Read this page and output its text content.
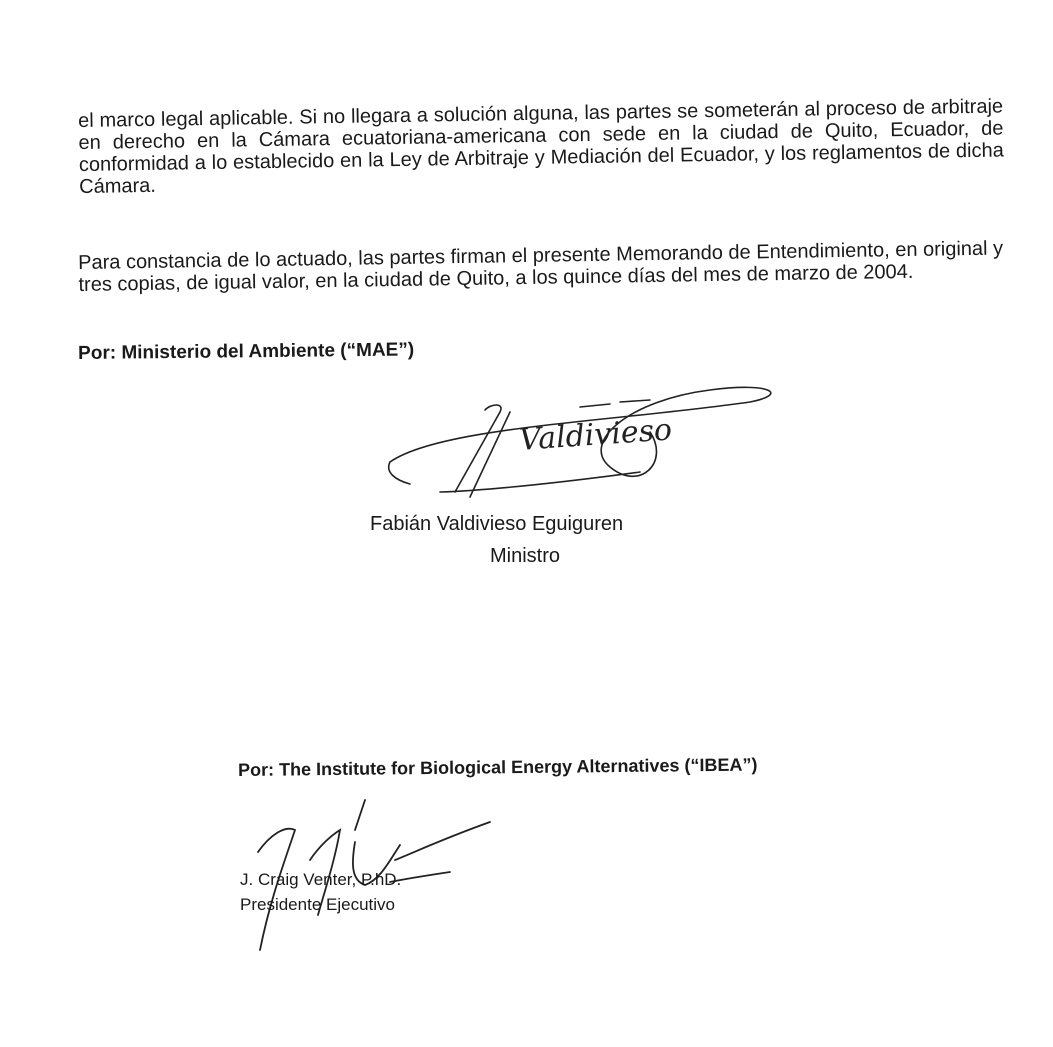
el marco legal aplicable. Si no llegara a solución alguna, las partes se someterán al proceso de arbitraje en derecho en la Cámara ecuatoriana-americana con sede en la ciudad de Quito, Ecuador, de conformidad a lo establecido en la Ley de Arbitraje y Mediación del Ecuador, y los reglamentos de dicha Cámara.

Para constancia de lo actuado, las partes firman el presente Memorando de Entendimiento, en original y tres copias, de igual valor, en la ciudad de Quito, a los quince días del mes de marzo de 2004.

Por: Ministerio del Ambiente (“MAE”)
Valdivieso
Fabián Valdivieso Eguiguren
Ministro
Por: The Institute for Biological Energy Alternatives (“IBEA”)
J. Craig Venter, P.hD.
Presidente Ejecutivo
